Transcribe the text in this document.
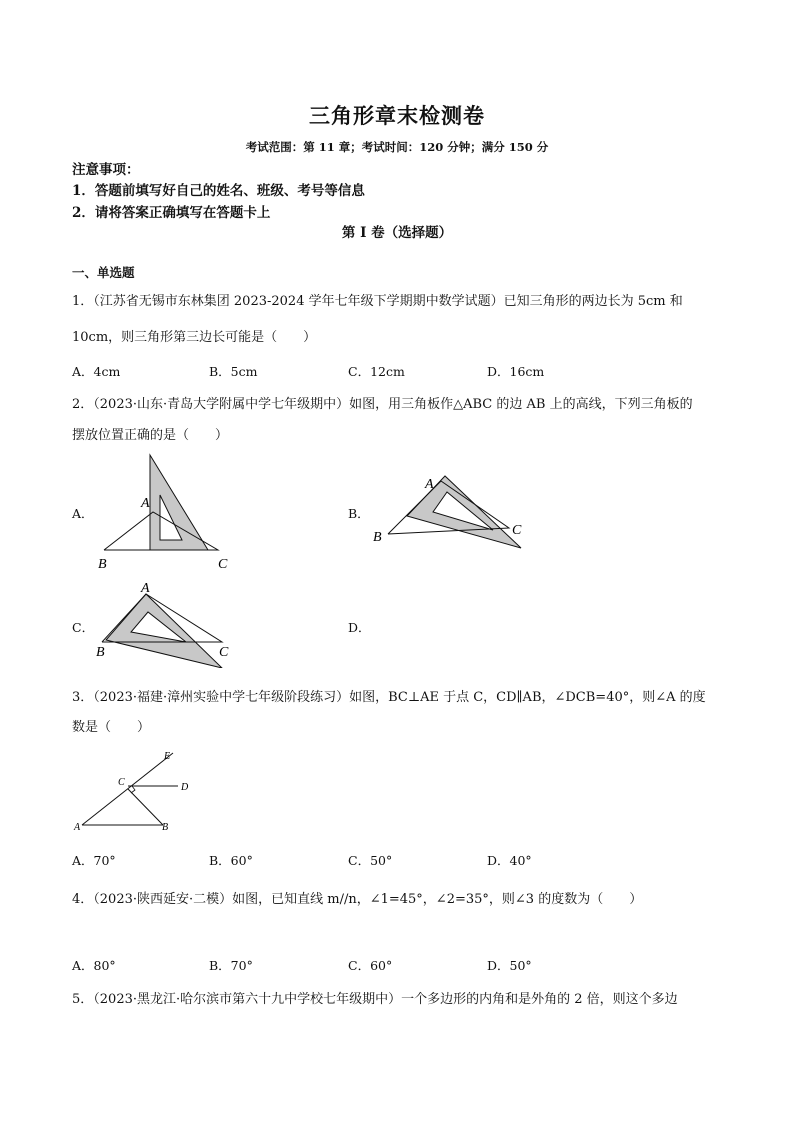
三角形章末检测卷
考试范围：第 11 章；考试时间：120 分钟；满分 150 分
注意事项：
1．答题前填写好自己的姓名、班级、考号等信息
2．请将答案正确填写在答题卡上
第 I 卷（选择题）
一、单选题
1．（江苏省无锡市东林集团 2023-2024 学年七年级下学期期中数学试题）已知三角形的两边长为 5cm 和
10cm，则三角形第三边长可能是（　　）
A．4cm	B．5cm	C．12cm	D．16cm
2．（2023·山东·青岛大学附属中学七年级期中）如图，用三角板作△ABC 的边 AB 上的高线，下列三角板的
摆放位置正确的是（　　）
A．	B．
C．	D．
A
B	C
A
B	C
A
B	C
3．（2023·福建·漳州实验中学七年级阶段练习）如图，BC⊥AE 于点 C，CD∥AB，∠DCB=40°，则∠A 的度
数是（　　）
A	B
C	D
E
A．70°	B．60°	C．50°	D．40°
4．（2023·陕西延安·二模）如图，已知直线 m//n，∠1=45°，∠2=35°，则∠3 的度数为（　　）
A．80°	B．70°	C．60°	D．50°
5．（2023·黑龙江·哈尔滨市第六十九中学校七年级期中）一个多边形的内角和是外角的 2 倍，则这个多边
